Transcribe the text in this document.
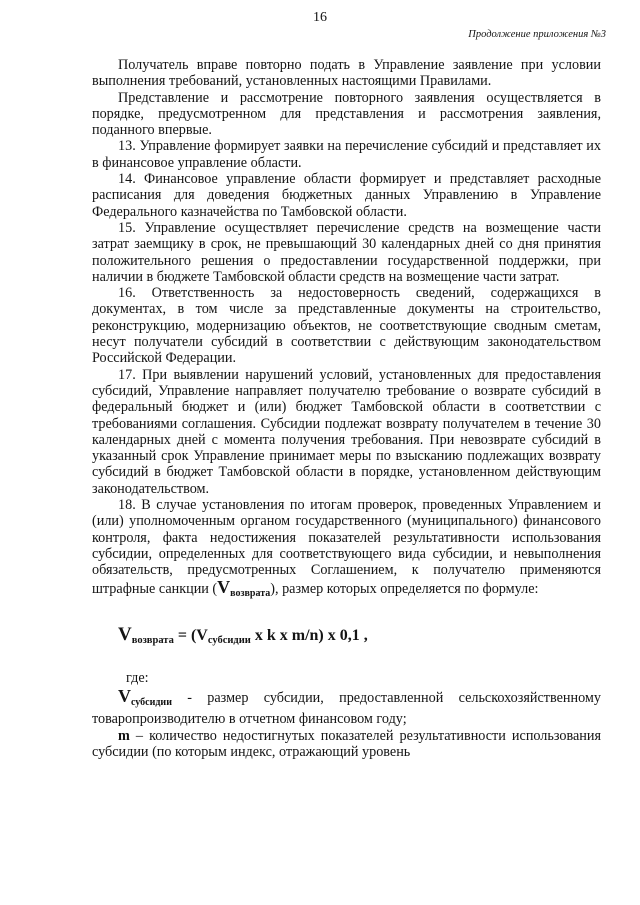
16
Продолжение приложения №3

Получатель вправе повторно подать в Управление заявление при условии выполнения требований, установленных настоящими Правилами.

Представление и рассмотрение повторного заявления осуществляется в порядке, предусмотренном для представления и рассмотрения заявления, поданного впервые.

13. Управление формирует заявки на перечисление субсидий и представляет их в финансовое управление области.

14. Финансовое управление области формирует и представляет расходные расписания для доведения бюджетных данных Управлению в Управление Федерального казначейства по Тамбовской области.

15. Управление осуществляет перечисление средств на возмещение части затрат заемщику в срок, не превышающий 30 календарных дней со дня принятия положительного решения о предоставлении государственной поддержки, при наличии в бюджете Тамбовской области средств на возмещение части затрат.

16. Ответственность за недостоверность сведений, содержащихся в документах, в том числе за представленные документы на строительство, реконструкцию, модернизацию объектов, не соответствующие сводным сметам, несут получатели субсидий в соответствии с действующим законодательством Российской Федерации.

17. При выявлении нарушений условий, установленных для предоставления субсидий, Управление направляет получателю требование о возврате субсидий в федеральный бюджет и (или) бюджет Тамбовской области в соответствии с требованиями соглашения. Субсидии подлежат возврату получателем в течение 30 календарных дней с момента получения требования. При невозврате субсидий в указанный срок Управление принимает меры по взысканию подлежащих возврату субсидий в бюджет Тамбовской области в порядке, установленном действующим законодательством.

18. В случае установления по итогам проверок, проведенных Управлением и (или) уполномоченным органом государственного (муниципального) финансового контроля, факта недостижения показателей результативности использования субсидии, определенных для соответствующего вида субсидии, и невыполнения обязательств, предусмотренных Соглашением, к получателю применяются штрафные санкции $(V_{возврата})$, размер которых определяется по формуле:

$V_{возврата} = (V_{субсидии}$ x k x m/n) x 0,1 ,
где:

$V_{субсидии}$ - размер субсидии, предоставленной сельскохозяйственному товаропроизводителю в отчетном финансовом году;

m – количество недостигнутых показателей результативности использования субсидии (по которым индекс, отражающий уровень
